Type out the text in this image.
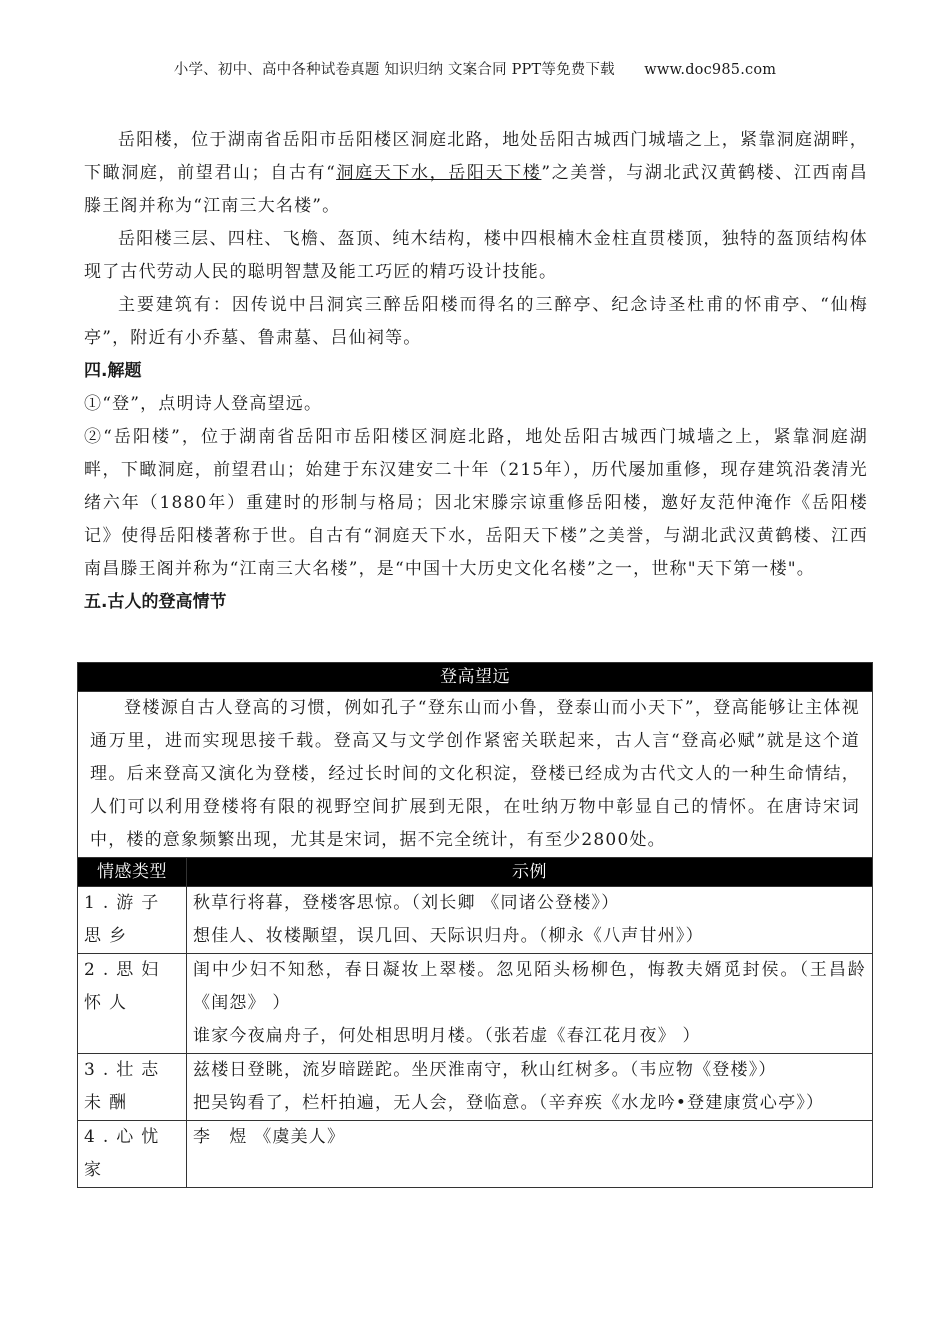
小学、初中、高中各种试卷真题 知识归纳 文案合同 PPT等免费下载　　www.doc985.com

岳阳楼，位于湖南省岳阳市岳阳楼区洞庭北路，地处岳阳古城西门城墙之上，紧靠洞庭湖畔，下瞰洞庭，前望君山；自古有“洞庭天下水，岳阳天下楼”之美誉，与湖北武汉黄鹤楼、江西南昌滕王阁并称为“江南三大名楼”。

岳阳楼三层、四柱、飞檐、盔顶、纯木结构，楼中四根楠木金柱直贯楼顶，独特的盔顶结构体现了古代劳动人民的聪明智慧及能工巧匠的精巧设计技能。

主要建筑有：因传说中吕洞宾三醉岳阳楼而得名的三醉亭、纪念诗圣杜甫的怀甫亭、“仙梅亭”，附近有小乔墓、鲁肃墓、吕仙祠等。

四.解题

①“登”，点明诗人登高望远。

②“岳阳楼”，位于湖南省岳阳市岳阳楼区洞庭北路，地处岳阳古城西门城墙之上，紧靠洞庭湖畔，下瞰洞庭，前望君山；始建于东汉建安二十年（215年），历代屡加重修，现存建筑沿袭清光绪六年（1880年）重建时的形制与格局；因北宋滕宗谅重修岳阳楼，邀好友范仲淹作《岳阳楼记》使得岳阳楼著称于世。自古有“洞庭天下水，岳阳天下楼”之美誉，与湖北武汉黄鹤楼、江西南昌滕王阁并称为“江南三大名楼”，是“中国十大历史文化名楼”之一，世称"天下第一楼"。

五.古人的登高情节
登高望远	

登楼源自古人登高的习惯，例如孔子“登东山而小鲁，登泰山而小天下”，登高能够让主体视通万里，进而实现思接千载。登高又与文学创作紧密关联起来，古人言“登高必赋”就是这个道理。后来登高又演化为登楼，经过长时间的文化积淀，登楼已经成为古代文人的一种生命情结，人们可以利用登楼将有限的视野空间扩展到无限，在吐纳万物中彰显自己的情怀。在唐诗宋词中，楼的意象频繁出现，尤其是宋词，据不完全统计，有至少2800处。	

情感类型	示例
1.游子思乡	秋草行将暮，登楼客思惊。（刘长卿 《同诸公登楼》）

想佳人、妆楼颙望，误几回、天际识归舟。（柳永《八声甘州》）

2.思妇怀人	闺中少妇不知愁，春日凝妆上翠楼。忽见陌头杨柳色，悔教夫婿觅封侯。（王昌龄《闺怨》 ）

谁家今夜扁舟子，何处相思明月楼。（张若虚《春江花月夜》 ）

3.壮志未酬	兹楼日登眺，流岁暗蹉跎。坐厌淮南守，秋山红树多。（韦应物《登楼》）

把吴钩看了，栏杆拍遍，无人会，登临意。（辛弃疾《水龙吟•登建康赏心亭》）

4.心忧家	李　煜 《虞美人》
